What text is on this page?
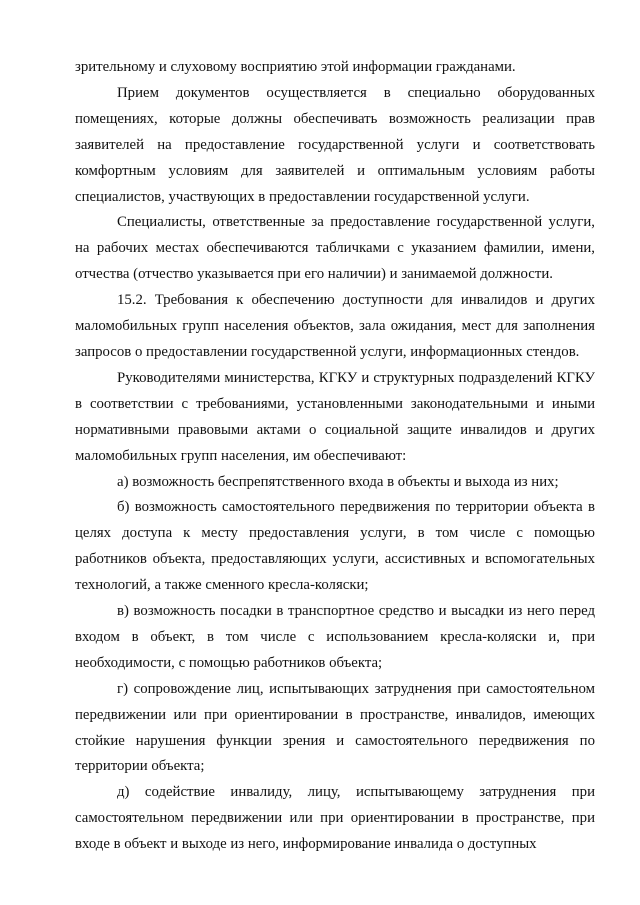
зрительному и слуховому восприятию этой информации гражданами.

Прием документов осуществляется в специально оборудованных помещениях, которые должны обеспечивать возможность реализации прав заявителей на предоставление государственной услуги и соответствовать комфортным условиям для заявителей и оптимальным условиям работы специалистов, участвующих в предоставлении государственной услуги.

Специалисты, ответственные за предоставление государственной услуги, на рабочих местах обеспечиваются табличками с указанием фамилии, имени, отчества (отчество указывается при его наличии) и занимаемой должности.

15.2. Требования к обеспечению доступности для инвалидов и других маломобильных групп населения объектов, зала ожидания, мест для заполнения запросов о предоставлении государственной услуги, информационных стендов.

Руководителями министерства, КГКУ и структурных подразделений КГКУ в соответствии с требованиями, установленными законодательными и иными нормативными правовыми актами о социальной защите инвалидов и других маломобильных групп населения, им обеспечивают:

а) возможность беспрепятственного входа в объекты и выхода из них;

б) возможность самостоятельного передвижения по территории объекта в целях доступа к месту предоставления услуги, в том числе с помощью работников объекта, предоставляющих услуги, ассистивных и вспомогательных технологий, а также сменного кресла-коляски;

в) возможность посадки в транспортное средство и высадки из него перед входом в объект, в том числе с использованием кресла-коляски и, при необходимости, с помощью работников объекта;

г) сопровождение лиц, испытывающих затруднения при самостоятельном передвижении или при ориентировании в пространстве, инвалидов, имеющих стойкие нарушения функции зрения и самостоятельного передвижения по территории объекта;

д) содействие инвалиду, лицу, испытывающему затруднения при самостоятельном передвижении или при ориентировании в пространстве, при входе в объект и выходе из него, информирование инвалида о доступных
